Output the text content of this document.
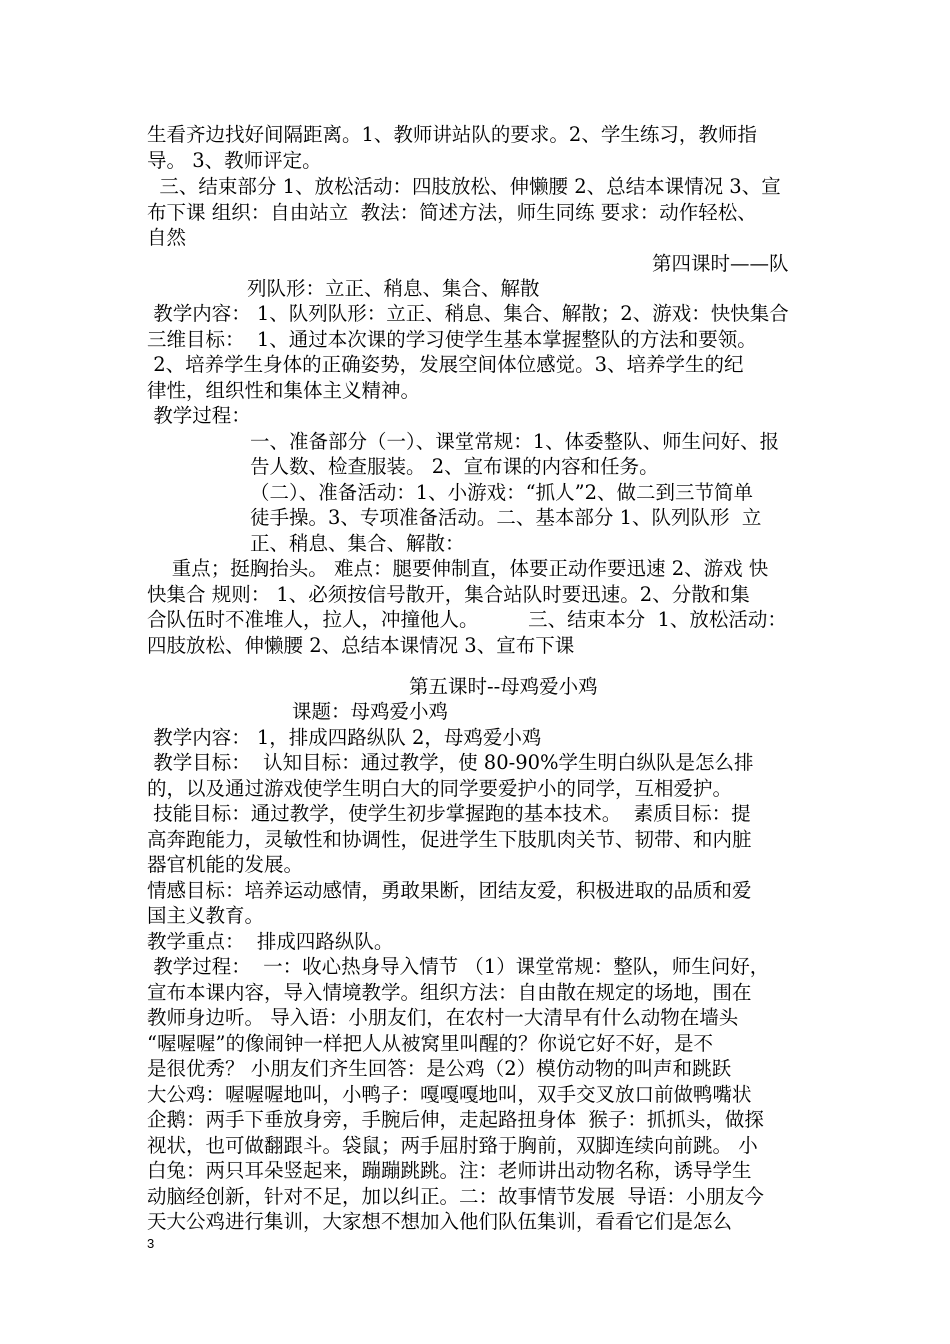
生看齐边找好间隔距离。1、教师讲站队的要求。2、学生练习，教师指

导。 3、教师评定。

三、结束部分 1、放松活动：四肢放松、伸懒腰 2、总结本课情况 3、宣

布下课 组织：自由站立  教法：简述方法，师生同练 要求：动作轻松、

自然

第四课时——队

列队形：立正、稍息、集合、解散

教学内容： 1、队列队形：立正、稍息、集合、解散；2、游戏：快快集合

三维目标：  1、通过本次课的学习使学生基本掌握整队的方法和要领。

2、培养学生身体的正确姿势，发展空间体位感觉。3、培养学生的纪

律性，组织性和集体主义精神。

教学过程：

一、准备部分（一）、课堂常规：1、体委整队、师生问好、报

告人数、检查服装。 2、宣布课的内容和任务。

（二）、准备活动：1、小游戏：“抓人”2、做二到三节简单

徒手操。3、专项准备活动。二、基本部分 1、队列队形  立

正、稍息、集合、解散：

重点；挺胸抬头。 难点：腿要伸制直，体要正动作要迅速 2、游戏 快

快集合 规则： 1、必须按信号散开，集合站队时要迅速。2、分散和集

合队伍时不准堆人，拉人，冲撞他人。        三、结束本分  1、放松活动：

四肢放松、伸懒腰 2、总结本课情况 3、宣布下课

第五课时--母鸡爱小鸡

课题：母鸡爱小鸡

教学内容： 1，排成四路纵队 2，母鸡爱小鸡

教学目标：  认知目标：通过教学，使 80-90%学生明白纵队是怎么排

的，以及通过游戏使学生明白大的同学要爱护小的同学，互相爱护。

技能目标：通过教学，使学生初步掌握跑的基本技术。  素质目标：提

高奔跑能力，灵敏性和协调性，促进学生下肢肌肉关节、韧带、和内脏

器官机能的发展。

情感目标：培养运动感情，勇敢果断，团结友爱，积极进取的品质和爱

国主义教育。

教学重点：  排成四路纵队。

教学过程：  一：收心热身导入情节 （1）课堂常规：整队，师生问好，

宣布本课内容，导入情境教学。组织方法：自由散在规定的场地，围在

教师身边听。 导入语：小朋友们，在农村一大清早有什么动物在墙头

“喔喔喔”的像闹钟一样把人从被窝里叫醒的？你说它好不好，是不

是很优秀？ 小朋友们齐生回答：是公鸡（2）模仿动物的叫声和跳跃

大公鸡：喔喔喔地叫，小鸭子：嘎嘎嘎地叫，双手交叉放口前做鸭嘴状

企鹅：两手下垂放身旁，手腕后伸，走起路扭身体  猴子：抓抓头，做探

视状，也可做翻跟斗。袋鼠；两手屈肘臵于胸前，双脚连续向前跳。 小

白兔：两只耳朵竖起来，蹦蹦跳跳。注：老师讲出动物名称，诱导学生

动脑经创新，针对不足，加以纠正。二：故事情节发展  导语：小朋友今

天大公鸡进行集训，大家想不想加入他们队伍集训，看看它们是怎么

3
